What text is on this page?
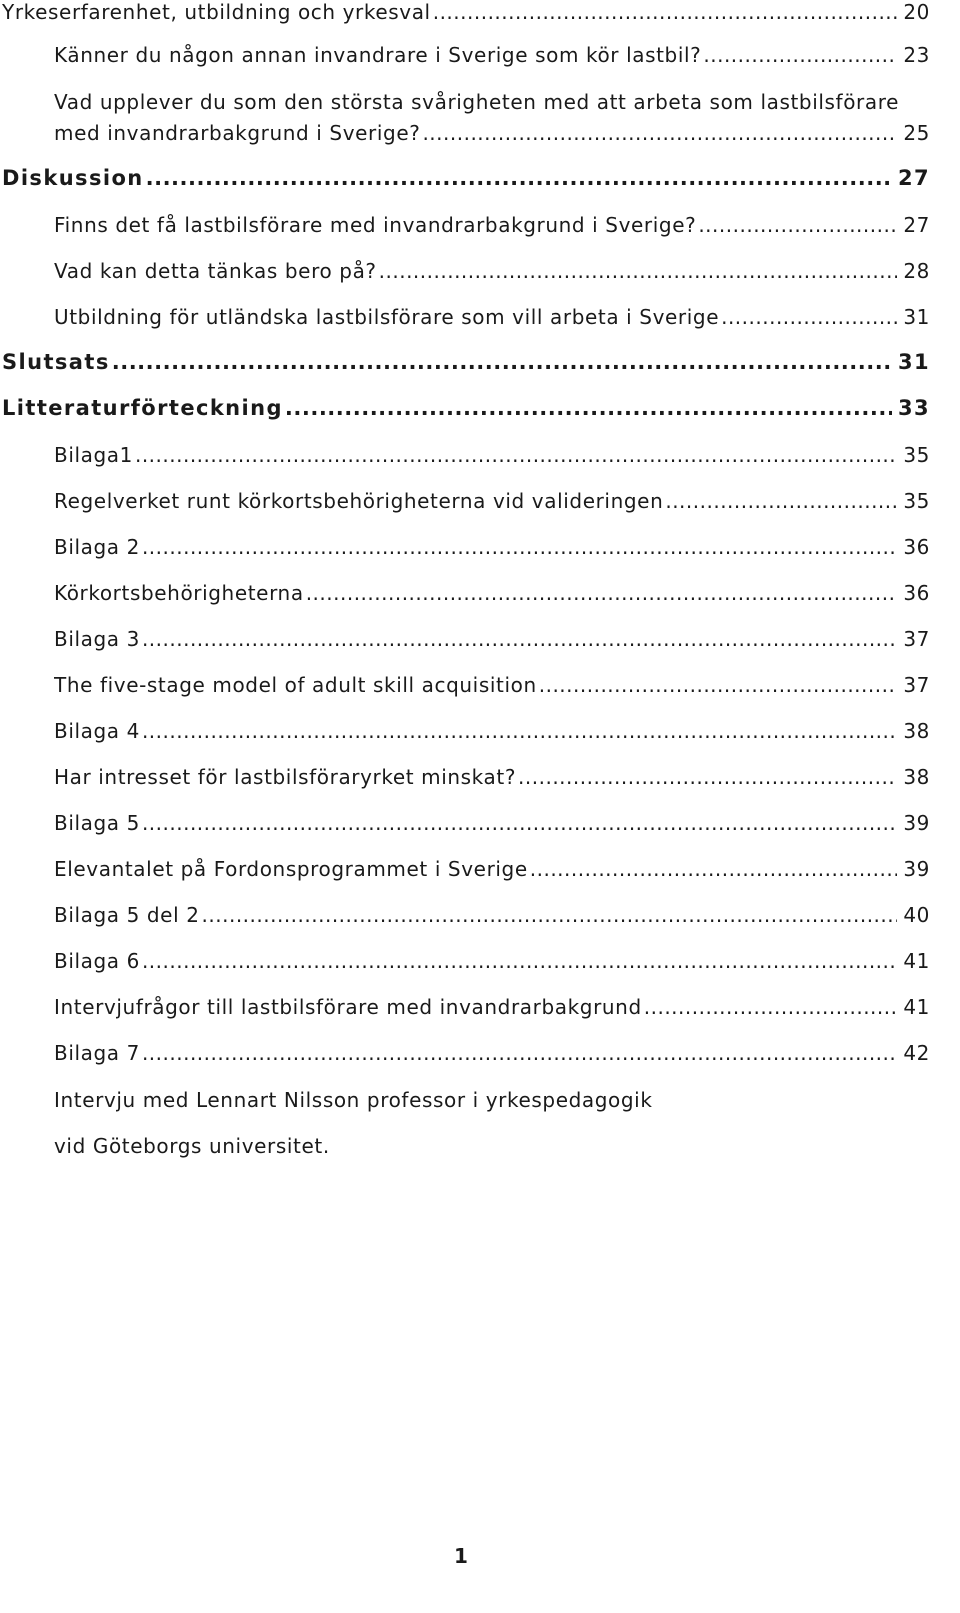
Yrkeserfarenhet, utbildning och yrkesval .....	20
Känner du någon annan invandrare i Sverige som kör lastbil? .....	23
Vad upplever du som den största svårigheten med att arbeta som lastbilsförare
med invandrarbakgrund i Sverige? .....	25
Diskussion .....	27
Finns det få lastbilsförare med invandrarbakgrund i Sverige? .....	27
Vad kan detta tänkas bero på? .....	28
Utbildning för utländska lastbilsförare som vill arbeta i Sverige .....	31
Slutsats .....	31
Litteraturförteckning .....	33
Bilaga1 .....	35
Regelverket runt körkortsbehörigheterna vid valideringen .....	35
Bilaga 2 .....	36
Körkortsbehörigheterna .....	36
Bilaga 3 .....	37
The five-stage model of adult skill acquisition .....	37
Bilaga 4 .....	38
Har intresset för lastbilsföraryrket minskat? .....	38
Bilaga 5 .....	39
Elevantalet på Fordonsprogrammet i Sverige .....	39
Bilaga 5 del 2 .....	40
Bilaga 6 .....	41
Intervjufrågor till lastbilsförare med invandrarbakgrund .....	41
Bilaga 7 .....	42
Intervju med Lennart Nilsson professor i yrkespedagogik
vid Göteborgs universitet.
1
